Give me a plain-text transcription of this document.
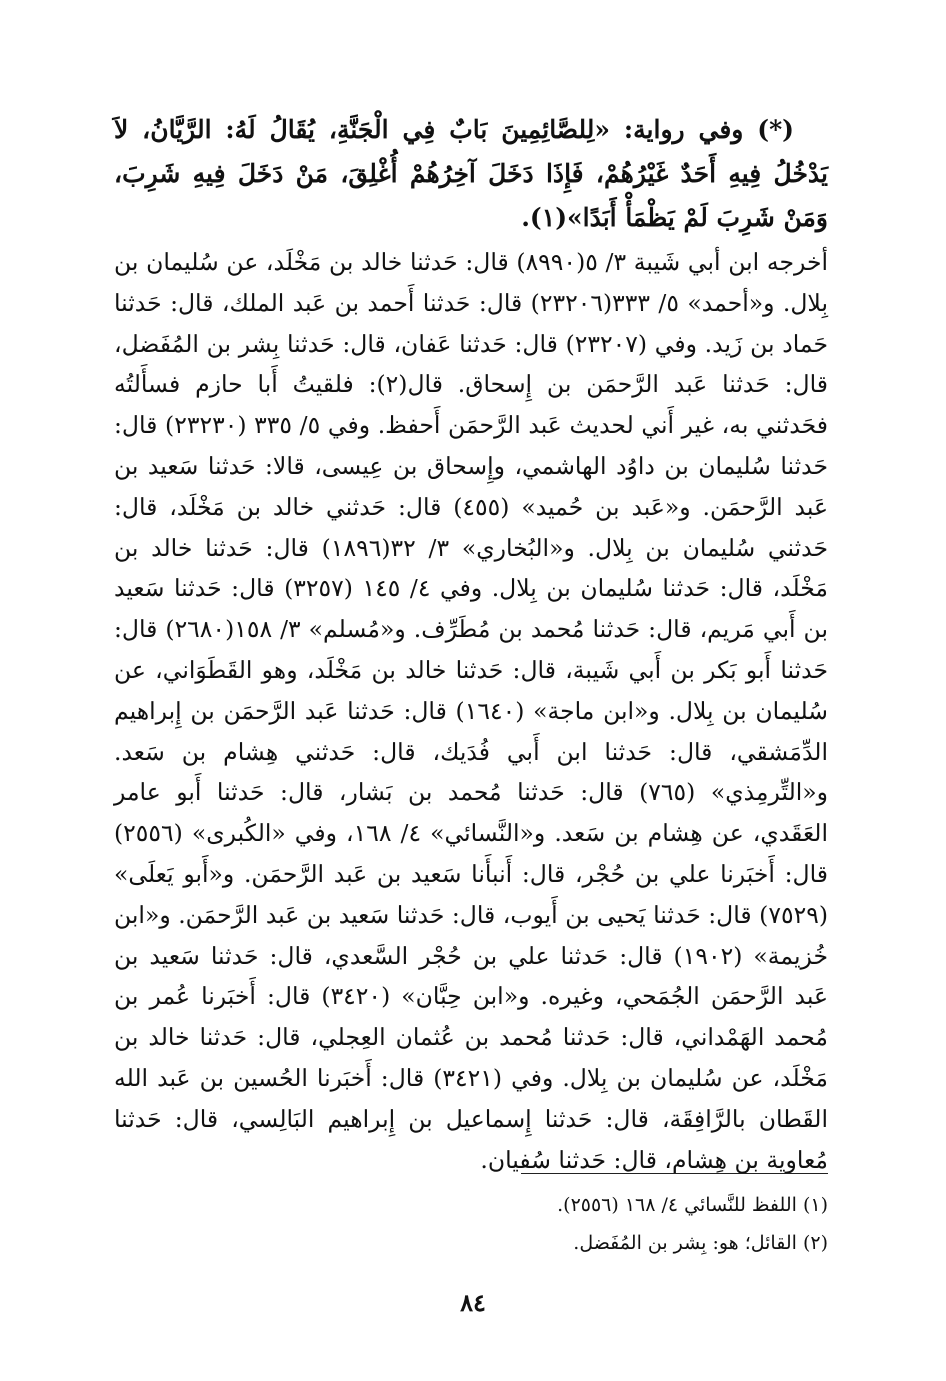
(*) وفي رواية: «لِلصَّائِمِينَ بَابٌ فِي الْجَنَّةِ، يُقَالُ لَهُ: الرَّيَّانُ، لاَ يَدْخُلُ فِيهِ أَحَدٌ غَيْرُهُمْ، فَإِذَا دَخَلَ آخِرُهُمْ أُغْلِقَ، مَنْ دَخَلَ فِيهِ شَرِبَ، وَمَنْ شَرِبَ لَمْ يَظْمَأْ أَبَدًا»(١).

أخرجه ابن أبي شَيبة ٣/ ٥(٨٩٩٠) قال: حَدثنا خالد بن مَخْلَد، عن سُليمان بن بِلال. و«أحمد» ٥/ ٣٣٣(٢٣٢٠٦) قال: حَدثنا أَحمد بن عَبد الملك، قال: حَدثنا حَماد بن زَيد. وفي (٢٣٢٠٧) قال: حَدثنا عَفان، قال: حَدثنا بِشر بن المُفَضل، قال: حَدثنا عَبد الرَّحمَن بن إِسحاق. قال(٢): فلقيتُ أَبا حازم فسأَلتُه فحَدثني به، غير أَني لحديث عَبد الرَّحمَن أَحفظ. وفي ٥/ ٣٣٥ (٢٣٢٣٠) قال: حَدثنا سُليمان بن داوُد الهاشمي، وإِسحاق بن عِيسى، قالا: حَدثنا سَعيد بن عَبد الرَّحمَن. و«عَبد بن حُميد» (٤٥٥) قال: حَدثني خالد بن مَخْلَد، قال: حَدثني سُليمان بن بِلال. و«البُخاري» ٣/ ٣٢(١٨٩٦) قال: حَدثنا خالد بن مَخْلَد، قال: حَدثنا سُليمان بن بِلال. وفي ٤/ ١٤٥ (٣٢٥٧) قال: حَدثنا سَعيد بن أَبي مَريم، قال: حَدثنا مُحمد بن مُطَرِّف. و«مُسلم» ٣/ ١٥٨(٢٦٨٠) قال: حَدثنا أَبو بَكر بن أَبي شَيبة، قال: حَدثنا خالد بن مَخْلَد، وهو القَطَوَاني، عن سُليمان بن بِلال. و«ابن ماجة» (١٦٤٠) قال: حَدثنا عَبد الرَّحمَن بن إِبراهيم الدِّمَشقي، قال: حَدثنا ابن أَبي فُدَيك، قال: حَدثني هِشام بن سَعد. و«التِّرمِذي» (٧٦٥) قال: حَدثنا مُحمد بن بَشار، قال: حَدثنا أَبو عامر العَقَدي، عن هِشام بن سَعد. و«النَّسائي» ٤/ ١٦٨، وفي «الكُبرى» (٢٥٥٦) قال: أَخبَرنا علي بن حُجْر، قال: أَنبأَنا سَعيد بن عَبد الرَّحمَن. و«أَبو يَعلَى» (٧٥٢٩) قال: حَدثنا يَحيى بن أَيوب، قال: حَدثنا سَعيد بن عَبد الرَّحمَن. و«ابن خُزيمة» (١٩٠٢) قال: حَدثنا علي بن حُجْر السَّعدي، قال: حَدثنا سَعيد بن عَبد الرَّحمَن الجُمَحي، وغيره. و«ابن حِبَّان» (٣٤٢٠) قال: أَخبَرنا عُمر بن مُحمد الهَمْداني، قال: حَدثنا مُحمد بن عُثمان العِجلي، قال: حَدثنا خالد بن مَخْلَد، عن سُليمان بن بِلال. وفي (٣٤٢١) قال: أَخبَرنا الحُسين بن عَبد الله القَطان بالرَّافِقَة، قال: حَدثنا إِسماعيل بن إِبراهيم البَالِسي، قال: حَدثنا مُعاوية بن هِشام، قال: حَدثنا سُفيان.

(١) اللفظ للنَّسائي ٤/ ١٦٨ (٢٥٥٦).

(٢) القائل؛ هو: بِشر بن المُفَضل.

٨٤
